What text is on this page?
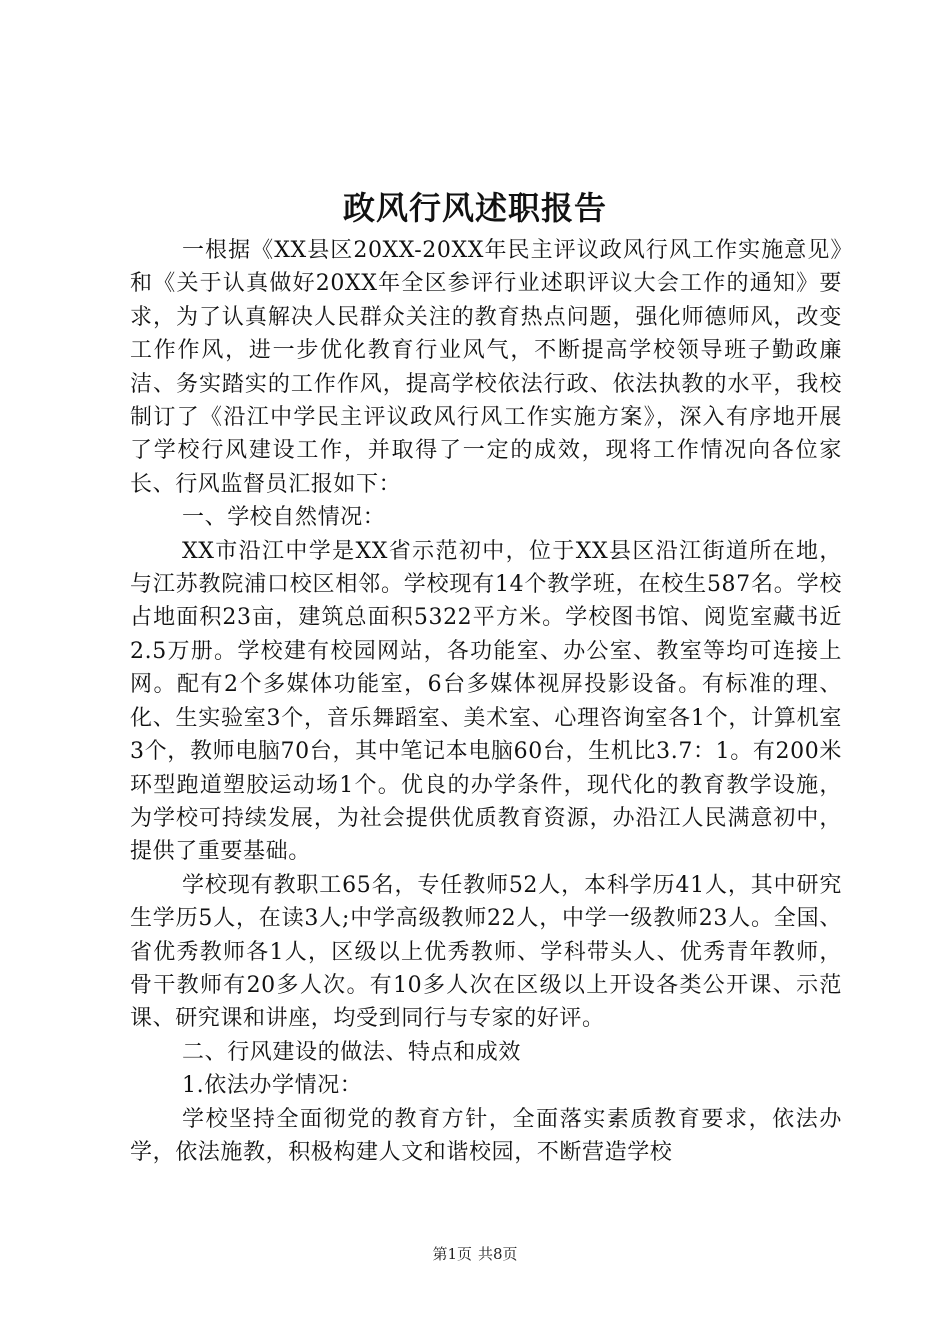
政风行风述职报告

一根据《XX县区20XX-20XX年民主评议政风行风工作实施意见》和《关于认真做好20XX年全区参评行业述职评议大会工作的通知》要求，为了认真解决人民群众关注的教育热点问题，强化师德师风，改变工作作风，进一步优化教育行业风气，不断提高学校领导班子勤政廉洁、务实踏实的工作作风，提高学校依法行政、依法执教的水平，我校制订了《沿江中学民主评议政风行风工作实施方案》，深入有序地开展了学校行风建设工作，并取得了一定的成效，现将工作情况向各位家长、行风监督员汇报如下：

一、学校自然情况：

XX市沿江中学是XX省示范初中，位于XX县区沿江街道所在地，与江苏教院浦口校区相邻。学校现有14个教学班，在校生587名。学校占地面积23亩，建筑总面积5322平方米。学校图书馆、阅览室藏书近2.5万册。学校建有校园网站，各功能室、办公室、教室等均可连接上网。配有2个多媒体功能室，6台多媒体视屏投影设备。有标准的理、化、生实验室3个，音乐舞蹈室、美术室、心理咨询室各1个，计算机室3个，教师电脑70台，其中笔记本电脑60台，生机比3.7：1。有200米环型跑道塑胶运动场1个。优良的办学条件，现代化的教育教学设施，为学校可持续发展，为社会提供优质教育资源，办沿江人民满意初中，提供了重要基础。

学校现有教职工65名，专任教师52人，本科学历41人，其中研究生学历5人，在读3人;中学高级教师22人，中学一级教师23人。全国、省优秀教师各1人，区级以上优秀教师、学科带头人、优秀青年教师，骨干教师有20多人次。有10多人次在区级以上开设各类公开课、示范课、研究课和讲座，均受到同行与专家的好评。

二、行风建设的做法、特点和成效

1.依法办学情况：

学校坚持全面彻党的教育方针，全面落实素质教育要求，依法办学，依法施教，积极构建人文和谐校园，不断营造学校

第1页 共8页
